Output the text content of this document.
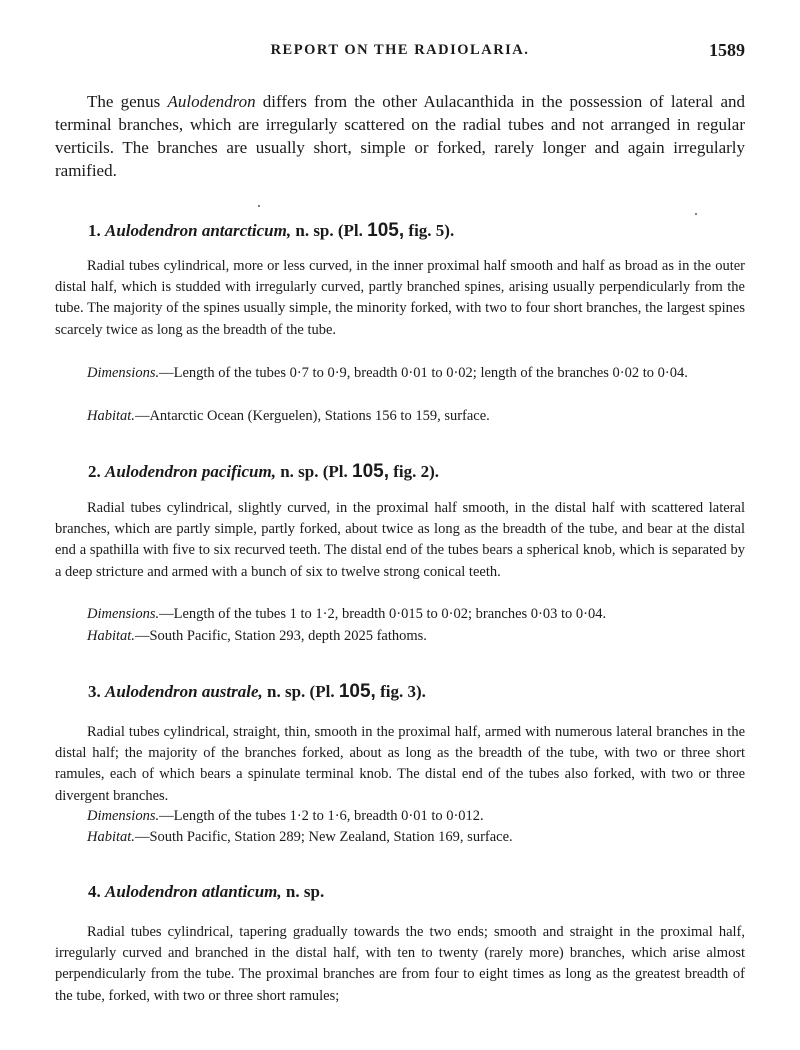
REPORT ON THE RADIOLARIA.	1589

The genus Aulodendron differs from the other Aulacanthida in the possession of lateral and terminal branches, which are irregularly scattered on the radial tubes and not arranged in regular verticils. The branches are usually short, simple or forked, rarely longer and again irregularly ramified.

1. Aulodendron antarcticum, n. sp. (Pl. 105, fig. 5).

Radial tubes cylindrical, more or less curved, in the inner proximal half smooth and half as broad as in the outer distal half, which is studded with irregularly curved, partly branched spines, arising usually perpendicularly from the tube. The majority of the spines usually simple, the minority forked, with two to four short branches, the largest spines scarcely twice as long as the breadth of the tube.

Dimensions.—Length of the tubes 0·7 to 0·9, breadth 0·01 to 0·02; length of the branches 0·02 to 0·04.

Habitat.—Antarctic Ocean (Kerguelen), Stations 156 to 159, surface.

2. Aulodendron pacificum, n. sp. (Pl. 105, fig. 2).

Radial tubes cylindrical, slightly curved, in the proximal half smooth, in the distal half with scattered lateral branches, which are partly simple, partly forked, about twice as long as the breadth of the tube, and bear at the distal end a spathilla with five to six recurved teeth. The distal end of the tubes bears a spherical knob, which is separated by a deep stricture and armed with a bunch of six to twelve strong conical teeth.

Dimensions.—Length of the tubes 1 to 1·2, breadth 0·015 to 0·02; branches 0·03 to 0·04.

Habitat.—South Pacific, Station 293, depth 2025 fathoms.

3. Aulodendron australe, n. sp. (Pl. 105, fig. 3).

Radial tubes cylindrical, straight, thin, smooth in the proximal half, armed with numerous lateral branches in the distal half; the majority of the branches forked, about as long as the breadth of the tube, with two or three short ramules, each of which bears a spinulate terminal knob. The distal end of the tubes also forked, with two or three divergent branches.

Dimensions.—Length of the tubes 1·2 to 1·6, breadth 0·01 to 0·012.

Habitat.—South Pacific, Station 289; New Zealand, Station 169, surface.

4. Aulodendron atlanticum, n. sp.

Radial tubes cylindrical, tapering gradually towards the two ends; smooth and straight in the proximal half, irregularly curved and branched in the distal half, with ten to twenty (rarely more) branches, which arise almost perpendicularly from the tube. The proximal branches are from four to eight times as long as the greatest breadth of the tube, forked, with two or three short ramules;
